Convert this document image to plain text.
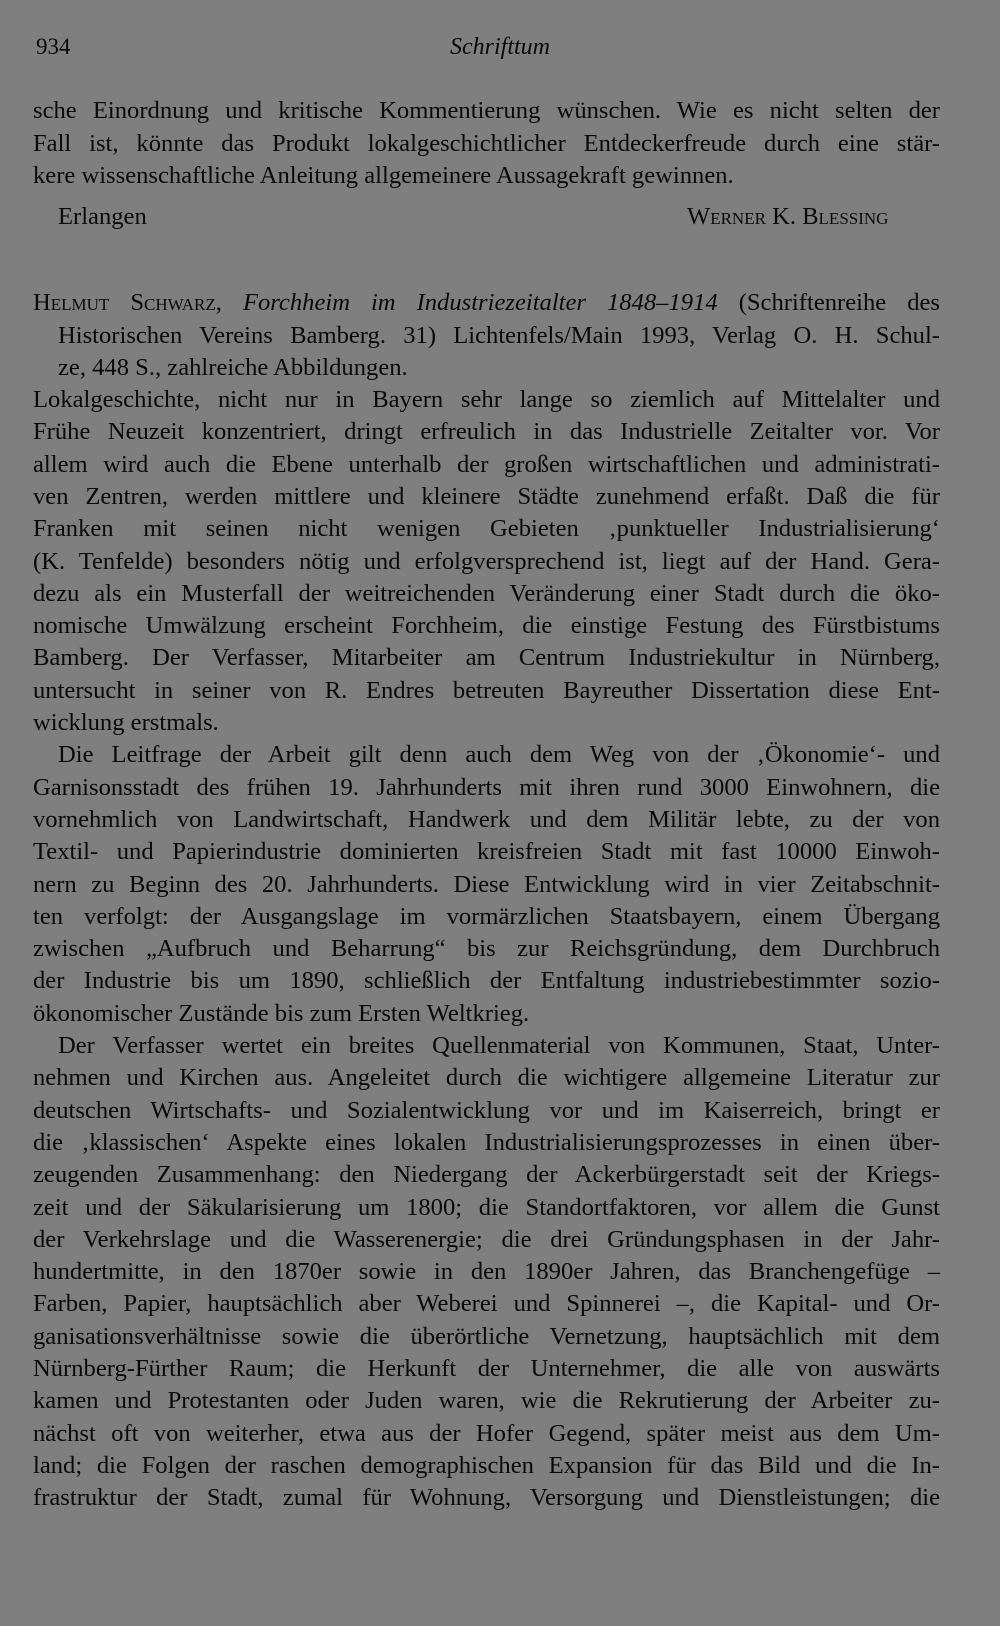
934	Schrifttum
sche Einordnung und kritische Kommentierung wünschen. Wie es nicht selten der
Fall ist, könnte das Produkt lokalgeschichtlicher Entdeckerfreude durch eine stär-
kere wissenschaftliche Anleitung allgemeinere Aussagekraft gewinnen.
Erlangen	Werner K. Blessing
Helmut Schwarz, Forchheim im Industriezeitalter 1848–1914 (Schriftenreihe des
Historischen Vereins Bamberg. 31) Lichtenfels/Main 1993, Verlag O. H. Schul-
ze, 448 S., zahlreiche Abbildungen.
Lokalgeschichte, nicht nur in Bayern sehr lange so ziemlich auf Mittelalter und
Frühe Neuzeit konzentriert, dringt erfreulich in das Industrielle Zeitalter vor. Vor
allem wird auch die Ebene unterhalb der großen wirtschaftlichen und administrati-
ven Zentren, werden mittlere und kleinere Städte zunehmend erfaßt. Daß die für
Franken mit seinen nicht wenigen Gebieten ‚punktueller Industrialisierung‘
(K. Tenfelde) besonders nötig und erfolgversprechend ist, liegt auf der Hand. Gera-
dezu als ein Musterfall der weitreichenden Veränderung einer Stadt durch die öko-
nomische Umwälzung erscheint Forchheim, die einstige Festung des Fürstbistums
Bamberg. Der Verfasser, Mitarbeiter am Centrum Industriekultur in Nürnberg,
untersucht in seiner von R. Endres betreuten Bayreuther Dissertation diese Ent-
wicklung erstmals.
Die Leitfrage der Arbeit gilt denn auch dem Weg von der ‚Ökonomie‘- und
Garnisonsstadt des frühen 19. Jahrhunderts mit ihren rund 3000 Einwohnern, die
vornehmlich von Landwirtschaft, Handwerk und dem Militär lebte, zu der von
Textil- und Papierindustrie dominierten kreisfreien Stadt mit fast 10000 Einwoh-
nern zu Beginn des 20. Jahrhunderts. Diese Entwicklung wird in vier Zeitabschnit-
ten verfolgt: der Ausgangslage im vormärzlichen Staatsbayern, einem Übergang
zwischen „Aufbruch und Beharrung“ bis zur Reichsgründung, dem Durchbruch
der Industrie bis um 1890, schließlich der Entfaltung industriebestimmter sozio-
ökonomischer Zustände bis zum Ersten Weltkrieg.
Der Verfasser wertet ein breites Quellenmaterial von Kommunen, Staat, Unter-
nehmen und Kirchen aus. Angeleitet durch die wichtigere allgemeine Literatur zur
deutschen Wirtschafts- und Sozialentwicklung vor und im Kaiserreich, bringt er
die ‚klassischen‘ Aspekte eines lokalen Industrialisierungsprozesses in einen über-
zeugenden Zusammenhang: den Niedergang der Ackerbürgerstadt seit der Kriegs-
zeit und der Säkularisierung um 1800; die Standortfaktoren, vor allem die Gunst
der Verkehrslage und die Wasserenergie; die drei Gründungsphasen in der Jahr-
hundertmitte, in den 1870er sowie in den 1890er Jahren, das Branchengefüge –
Farben, Papier, hauptsächlich aber Weberei und Spinnerei –, die Kapital- und Or-
ganisationsverhältnisse sowie die überörtliche Vernetzung, hauptsächlich mit dem
Nürnberg-Fürther Raum; die Herkunft der Unternehmer, die alle von auswärts
kamen und Protestanten oder Juden waren, wie die Rekrutierung der Arbeiter zu-
nächst oft von weiterher, etwa aus der Hofer Gegend, später meist aus dem Um-
land; die Folgen der raschen demographischen Expansion für das Bild und die In-
frastruktur der Stadt, zumal für Wohnung, Versorgung und Dienstleistungen; die
